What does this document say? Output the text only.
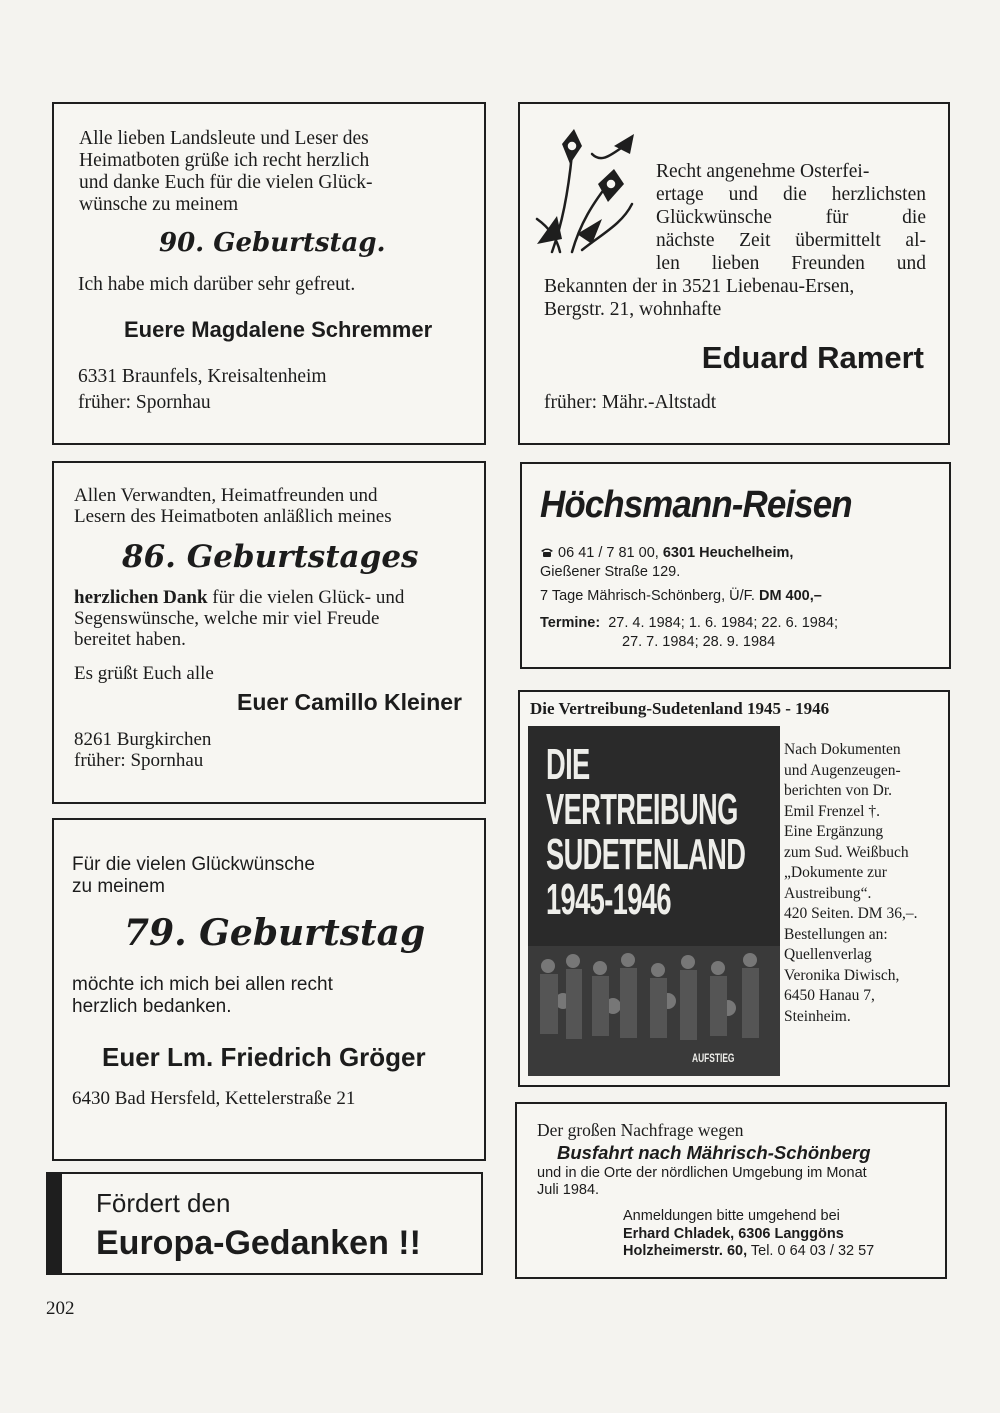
Alle lieben Landsleute und Leser des
Heimatboten grüße ich recht herzlich
und danke Euch für die vielen Glück-
wünsche zu meinem
90. Geburtstag.
Ich habe mich darüber sehr gefreut.
Euere Magdalene Schremmer
6331 Braunfels, Kreisaltenheim
früher: Spornhau
Recht angenehme Osterfei-
ertage und die herzlichsten
Glückwünsche für die
nächste Zeit übermittelt al-
len lieben Freunden und
Bekannten der in 3521 Liebenau-Ersen,
Bergstr. 21, wohnhafte
Eduard Ramert
früher: Mähr.-Altstadt
Allen Verwandten, Heimatfreunden und
Lesern des Heimatboten anläßlich meines
86. Geburtstages
herzlichen Dank für die vielen Glück- und
Segenswünsche, welche mir viel Freude
bereitet haben.
Es grüßt Euch alle
Euer Camillo Kleiner
8261 Burgkirchen
früher: Spornhau
Höchsmann-Reisen
06 41 / 7 81 00, 6301 Heuchelheim,
Gießener Straße 129.
7 Tage Mährisch-Schönberg, Ü/F. DM 400,–
Termine: 27. 4. 1984; 1. 6. 1984; 22. 6. 1984;
27. 7. 1984; 28. 9. 1984
Die Vertreibung-Sudetenland 1945 - 1946
DIE
VERTREIBUNG
SUDETENLAND
1945-1946
AUFSTIEG
Nach Dokumenten
und Augenzeugen-
berichten von Dr.
Emil Frenzel †.
Eine Ergänzung
zum Sud. Weißbuch
„Dokumente zur
Austreibung“.
420 Seiten. DM 36,–.
Bestellungen an:
Quellenverlag
Veronika Diwisch,
6450 Hanau 7,
Steinheim.
Für die vielen Glückwünsche
zu meinem
79. Geburtstag
möchte ich mich bei allen recht
herzlich bedanken.
Euer Lm. Friedrich Gröger
6430 Bad Hersfeld, Kettelerstraße 21
Der großen Nachfrage wegen
Busfahrt nach Mährisch-Schönberg
und in die Orte der nördlichen Umgebung im Monat
Juli 1984.
Anmeldungen bitte umgehend bei
Erhard Chladek, 6306 Langgöns
Holzheimerstr. 60, Tel. 0 64 03 / 32 57
Fördert den
Europa-Gedanken !!
202
